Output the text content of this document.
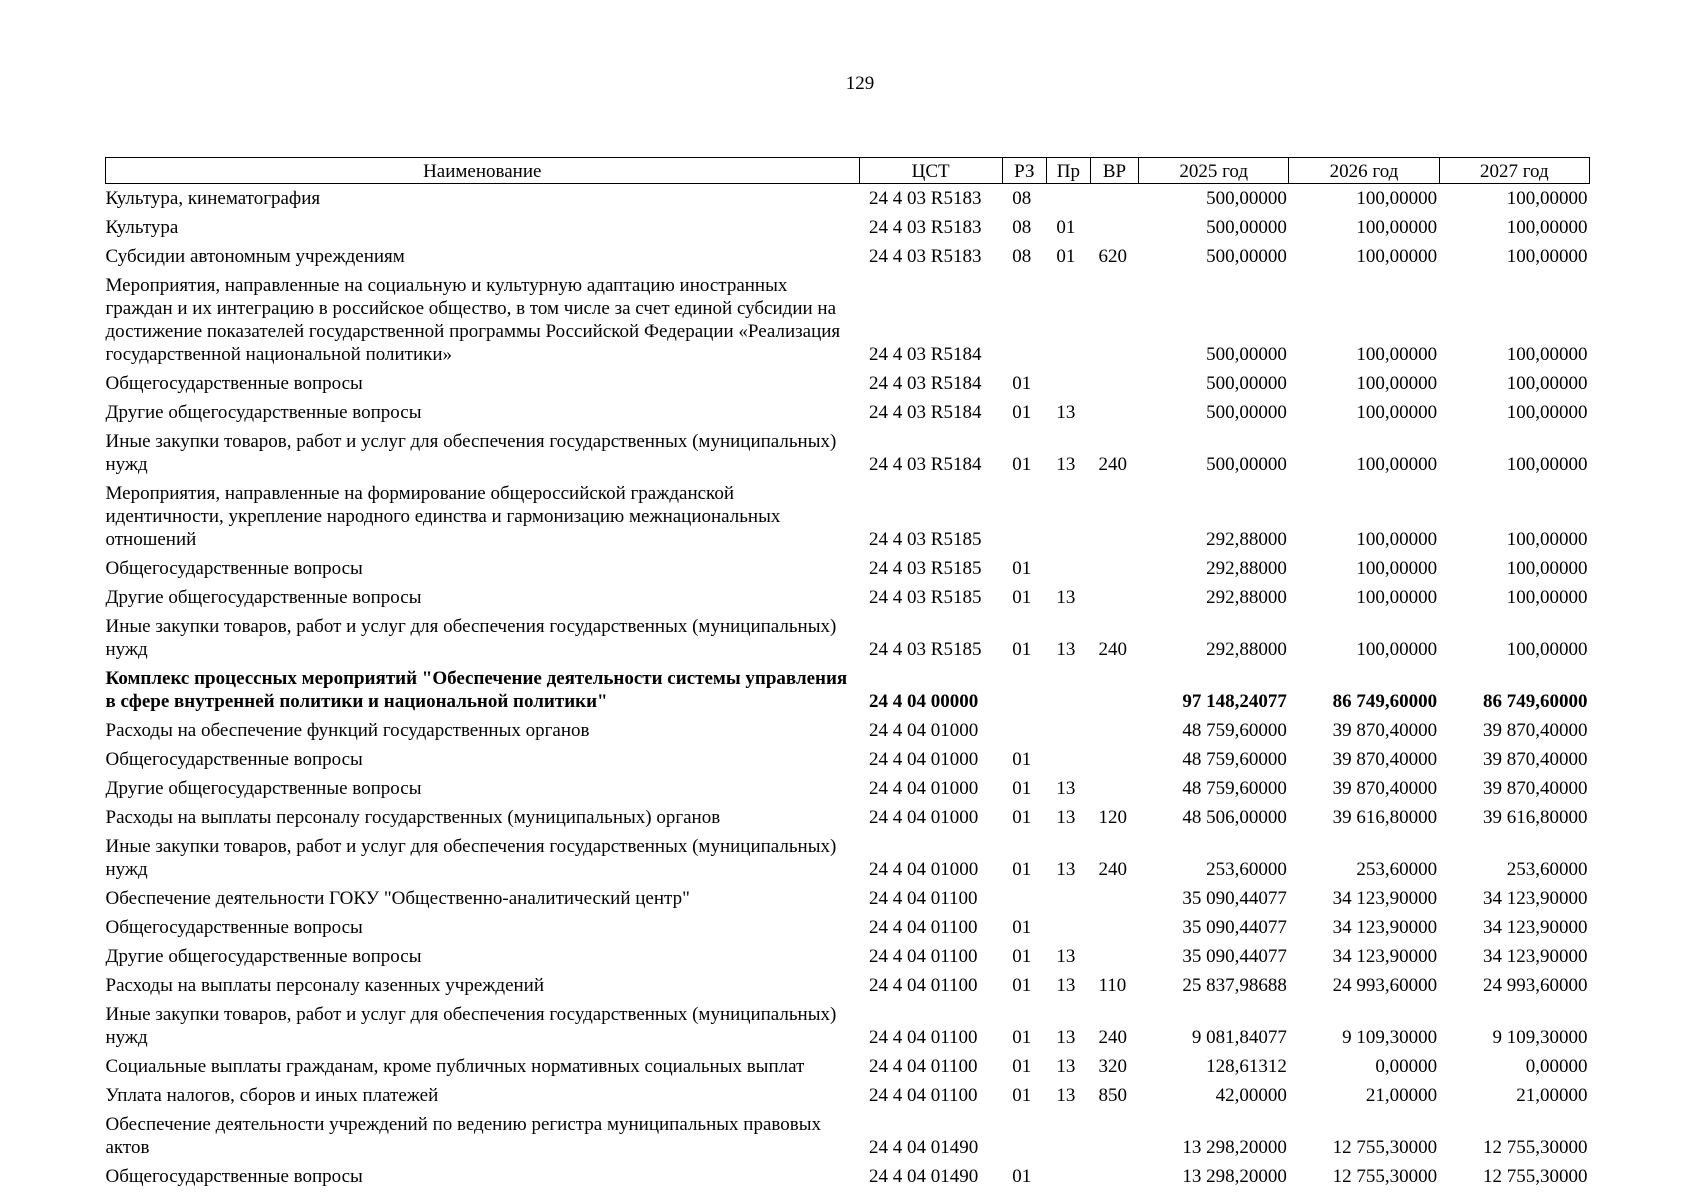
129
Наименование	ЦСТ	РЗ	Пр	ВР	2025 год	2026 год	2027 год
Культура, кинематография	24 4 03 R5183	08			500,00000	100,00000	100,00000
Культура	24 4 03 R5183	08	01		500,00000	100,00000	100,00000
Субсидии автономным учреждениям	24 4 03 R5183	08	01	620	500,00000	100,00000	100,00000
Мероприятия, направленные на социальную и культурную адаптацию иностранных граждан и их интеграцию в российское общество, в том числе за счет единой субсидии на достижение показателей государственной программы Российской Федерации «Реализация государственной национальной политики»	24 4 03 R5184				500,00000	100,00000	100,00000
Общегосударственные вопросы	24 4 03 R5184	01			500,00000	100,00000	100,00000
Другие общегосударственные вопросы	24 4 03 R5184	01	13		500,00000	100,00000	100,00000
Иные закупки товаров, работ и услуг для обеспечения государственных (муниципальных) нужд	24 4 03 R5184	01	13	240	500,00000	100,00000	100,00000
Мероприятия, направленные на формирование общероссийской гражданской идентичности, укрепление народного единства и гармонизацию межнациональных отношений	24 4 03 R5185				292,88000	100,00000	100,00000
Общегосударственные вопросы	24 4 03 R5185	01			292,88000	100,00000	100,00000
Другие общегосударственные вопросы	24 4 03 R5185	01	13		292,88000	100,00000	100,00000
Иные закупки товаров, работ и услуг для обеспечения государственных (муниципальных) нужд	24 4 03 R5185	01	13	240	292,88000	100,00000	100,00000
Комплекс процессных мероприятий "Обеспечение деятельности системы управления в сфере внутренней политики и национальной политики"	24 4 04 00000				97 148,24077	86 749,60000	86 749,60000
Расходы на обеспечение функций государственных органов	24 4 04 01000				48 759,60000	39 870,40000	39 870,40000
Общегосударственные вопросы	24 4 04 01000	01			48 759,60000	39 870,40000	39 870,40000
Другие общегосударственные вопросы	24 4 04 01000	01	13		48 759,60000	39 870,40000	39 870,40000
Расходы на выплаты персоналу государственных (муниципальных) органов	24 4 04 01000	01	13	120	48 506,00000	39 616,80000	39 616,80000
Иные закупки товаров, работ и услуг для обеспечения государственных (муниципальных) нужд	24 4 04 01000	01	13	240	253,60000	253,60000	253,60000
Обеспечение деятельности ГОКУ "Общественно-аналитический центр"	24 4 04 01100				35 090,44077	34 123,90000	34 123,90000
Общегосударственные вопросы	24 4 04 01100	01			35 090,44077	34 123,90000	34 123,90000
Другие общегосударственные вопросы	24 4 04 01100	01	13		35 090,44077	34 123,90000	34 123,90000
Расходы на выплаты персоналу казенных учреждений	24 4 04 01100	01	13	110	25 837,98688	24 993,60000	24 993,60000
Иные закупки товаров, работ и услуг для обеспечения государственных (муниципальных) нужд	24 4 04 01100	01	13	240	9 081,84077	9 109,30000	9 109,30000
Социальные выплаты гражданам, кроме публичных нормативных социальных выплат	24 4 04 01100	01	13	320	128,61312	0,00000	0,00000
Уплата налогов, сборов и иных платежей	24 4 04 01100	01	13	850	42,00000	21,00000	21,00000
Обеспечение деятельности учреждений по ведению регистра муниципальных правовых актов	24 4 04 01490				13 298,20000	12 755,30000	12 755,30000
Общегосударственные вопросы	24 4 04 01490	01			13 298,20000	12 755,30000	12 755,30000
